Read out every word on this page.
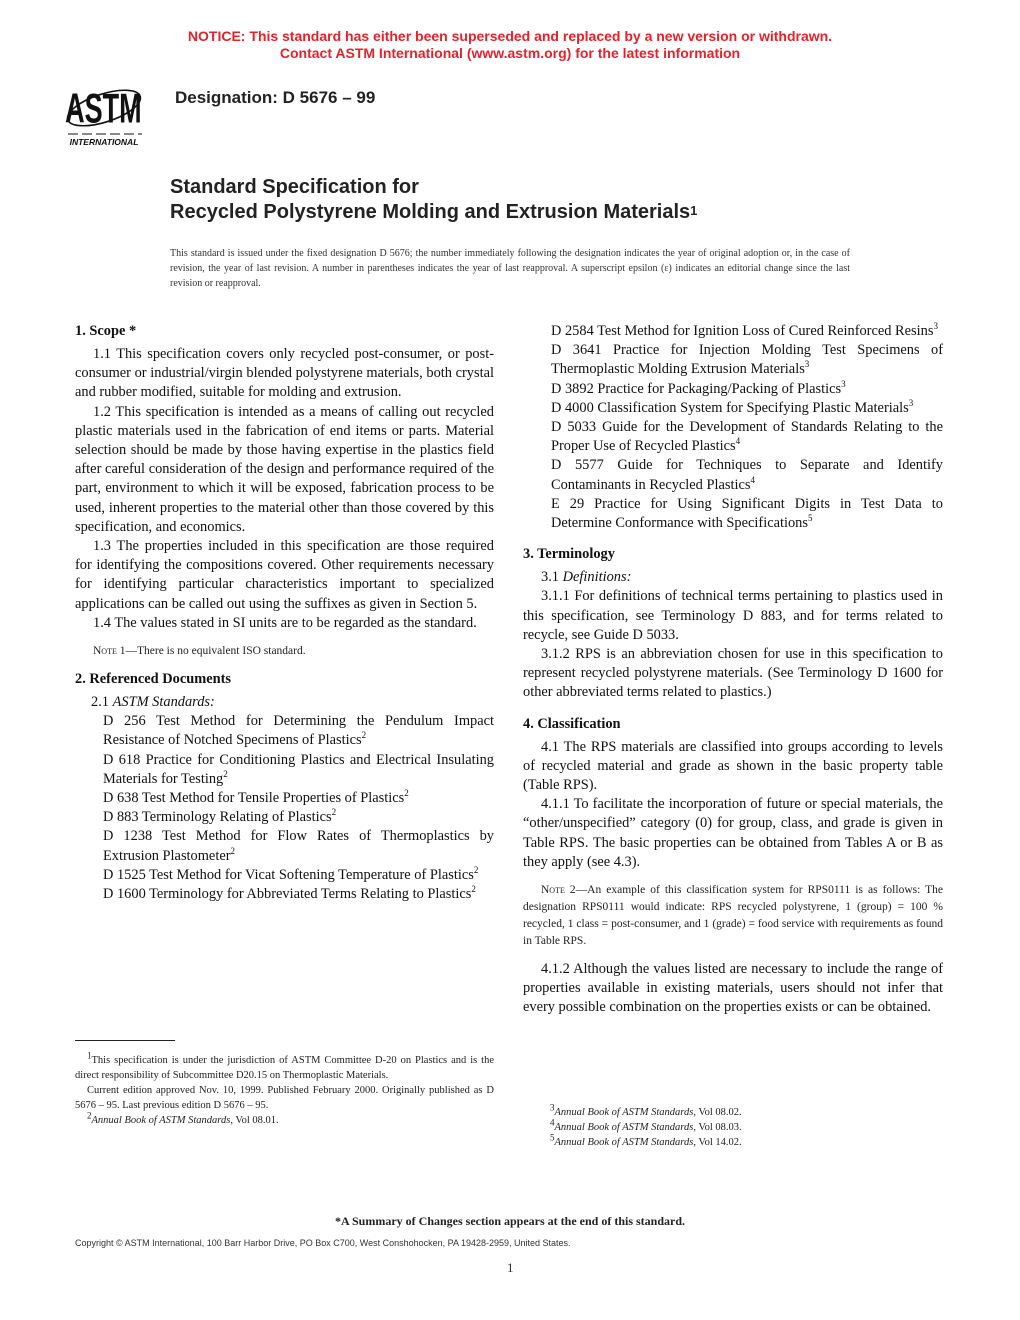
NOTICE: This standard has either been superseded and replaced by a new version or withdrawn.
Contact ASTM International (www.astm.org) for the latest information
ASTM
INTERNATIONAL
Designation: D 5676 – 99
Standard Specification for
Recycled Polystyrene Molding and Extrusion Materials$^1$
This standard is issued under the fixed designation D 5676; the number immediately following the designation indicates the year of original adoption or, in the case of revision, the year of last revision. A number in parentheses indicates the year of last reapproval. A superscript epsilon (ε) indicates an editorial change since the last revision or reapproval.
1. Scope *

1.1 This specification covers only recycled post-consumer, or post-consumer or industrial/virgin blended polystyrene materials, both crystal and rubber modified, suitable for molding and extrusion.

1.2 This specification is intended as a means of calling out recycled plastic materials used in the fabrication of end items or parts. Material selection should be made by those having expertise in the plastics field after careful consideration of the design and performance required of the part, environment to which it will be exposed, fabrication process to be used, inherent properties to the material other than those covered by this specification, and economics.

1.3 The properties included in this specification are those required for identifying the compositions covered. Other requirements necessary for identifying particular characteristics important to specialized applications can be called out using the suffixes as given in Section 5.

1.4 The values stated in SI units are to be regarded as the standard.

Note 1—There is no equivalent ISO standard.

2. Referenced Documents

2.1 ASTM Standards:

D 256 Test Method for Determining the Pendulum Impact Resistance of Notched Specimens of Plastics$^2$

D 618 Practice for Conditioning Plastics and Electrical Insulating Materials for Testing$^2$

D 638 Test Method for Tensile Properties of Plastics$^2$

D 883 Terminology Relating of Plastics$^2$

D 1238 Test Method for Flow Rates of Thermoplastics by Extrusion Plastometer$^2$

D 1525 Test Method for Vicat Softening Temperature of Plastics$^2$

D 1600 Terminology for Abbreviated Terms Relating to Plastics$^2$

D 2584 Test Method for Ignition Loss of Cured Reinforced Resins$^3$

D 3641 Practice for Injection Molding Test Specimens of Thermoplastic Molding Extrusion Materials$^3$

D 3892 Practice for Packaging/Packing of Plastics$^3$

D 4000 Classification System for Specifying Plastic Materials$^3$

D 5033 Guide for the Development of Standards Relating to the Proper Use of Recycled Plastics$^4$

D 5577 Guide for Techniques to Separate and Identify Contaminants in Recycled Plastics$^4$

E 29 Practice for Using Significant Digits in Test Data to Determine Conformance with Specifications$^5$

3. Terminology

3.1 Definitions:

3.1.1 For definitions of technical terms pertaining to plastics used in this specification, see Terminology D 883, and for terms related to recycle, see Guide D 5033.

3.1.2 RPS is an abbreviation chosen for use in this specification to represent recycled polystyrene materials. (See Terminology D 1600 for other abbreviated terms related to plastics.)

4. Classification

4.1 The RPS materials are classified into groups according to levels of recycled material and grade as shown in the basic property table (Table RPS).

4.1.1 To facilitate the incorporation of future or special materials, the “other/unspecified” category (0) for group, class, and grade is given in Table RPS. The basic properties can be obtained from Tables A or B as they apply (see 4.3).

Note 2—An example of this classification system for RPS0111 is as follows: The designation RPS0111 would indicate: RPS recycled polystyrene, 1 (group) = 100 % recycled, 1 class = post-consumer, and 1 (grade) = food service with requirements as found in Table RPS.

4.1.2 Although the values listed are necessary to include the range of properties available in existing materials, users should not infer that every possible combination on the properties exists or can be obtained.

$^1$This specification is under the jurisdiction of ASTM Committee D-20 on Plastics and is the direct responsibility of Subcommittee D20.15 on Thermoplastic Materials.

Current edition approved Nov. 10, 1999. Published February 2000. Originally published as D 5676 – 95. Last previous edition D 5676 – 95.

$^2$Annual Book of ASTM Standards, Vol 08.01.

$^3$Annual Book of ASTM Standards, Vol 08.02.

$^4$Annual Book of ASTM Standards, Vol 08.03.

$^5$Annual Book of ASTM Standards, Vol 14.02.

*A Summary of Changes section appears at the end of this standard.
Copyright © ASTM International, 100 Barr Harbor Drive, PO Box C700, West Conshohocken, PA 19428-2959, United States.
1
